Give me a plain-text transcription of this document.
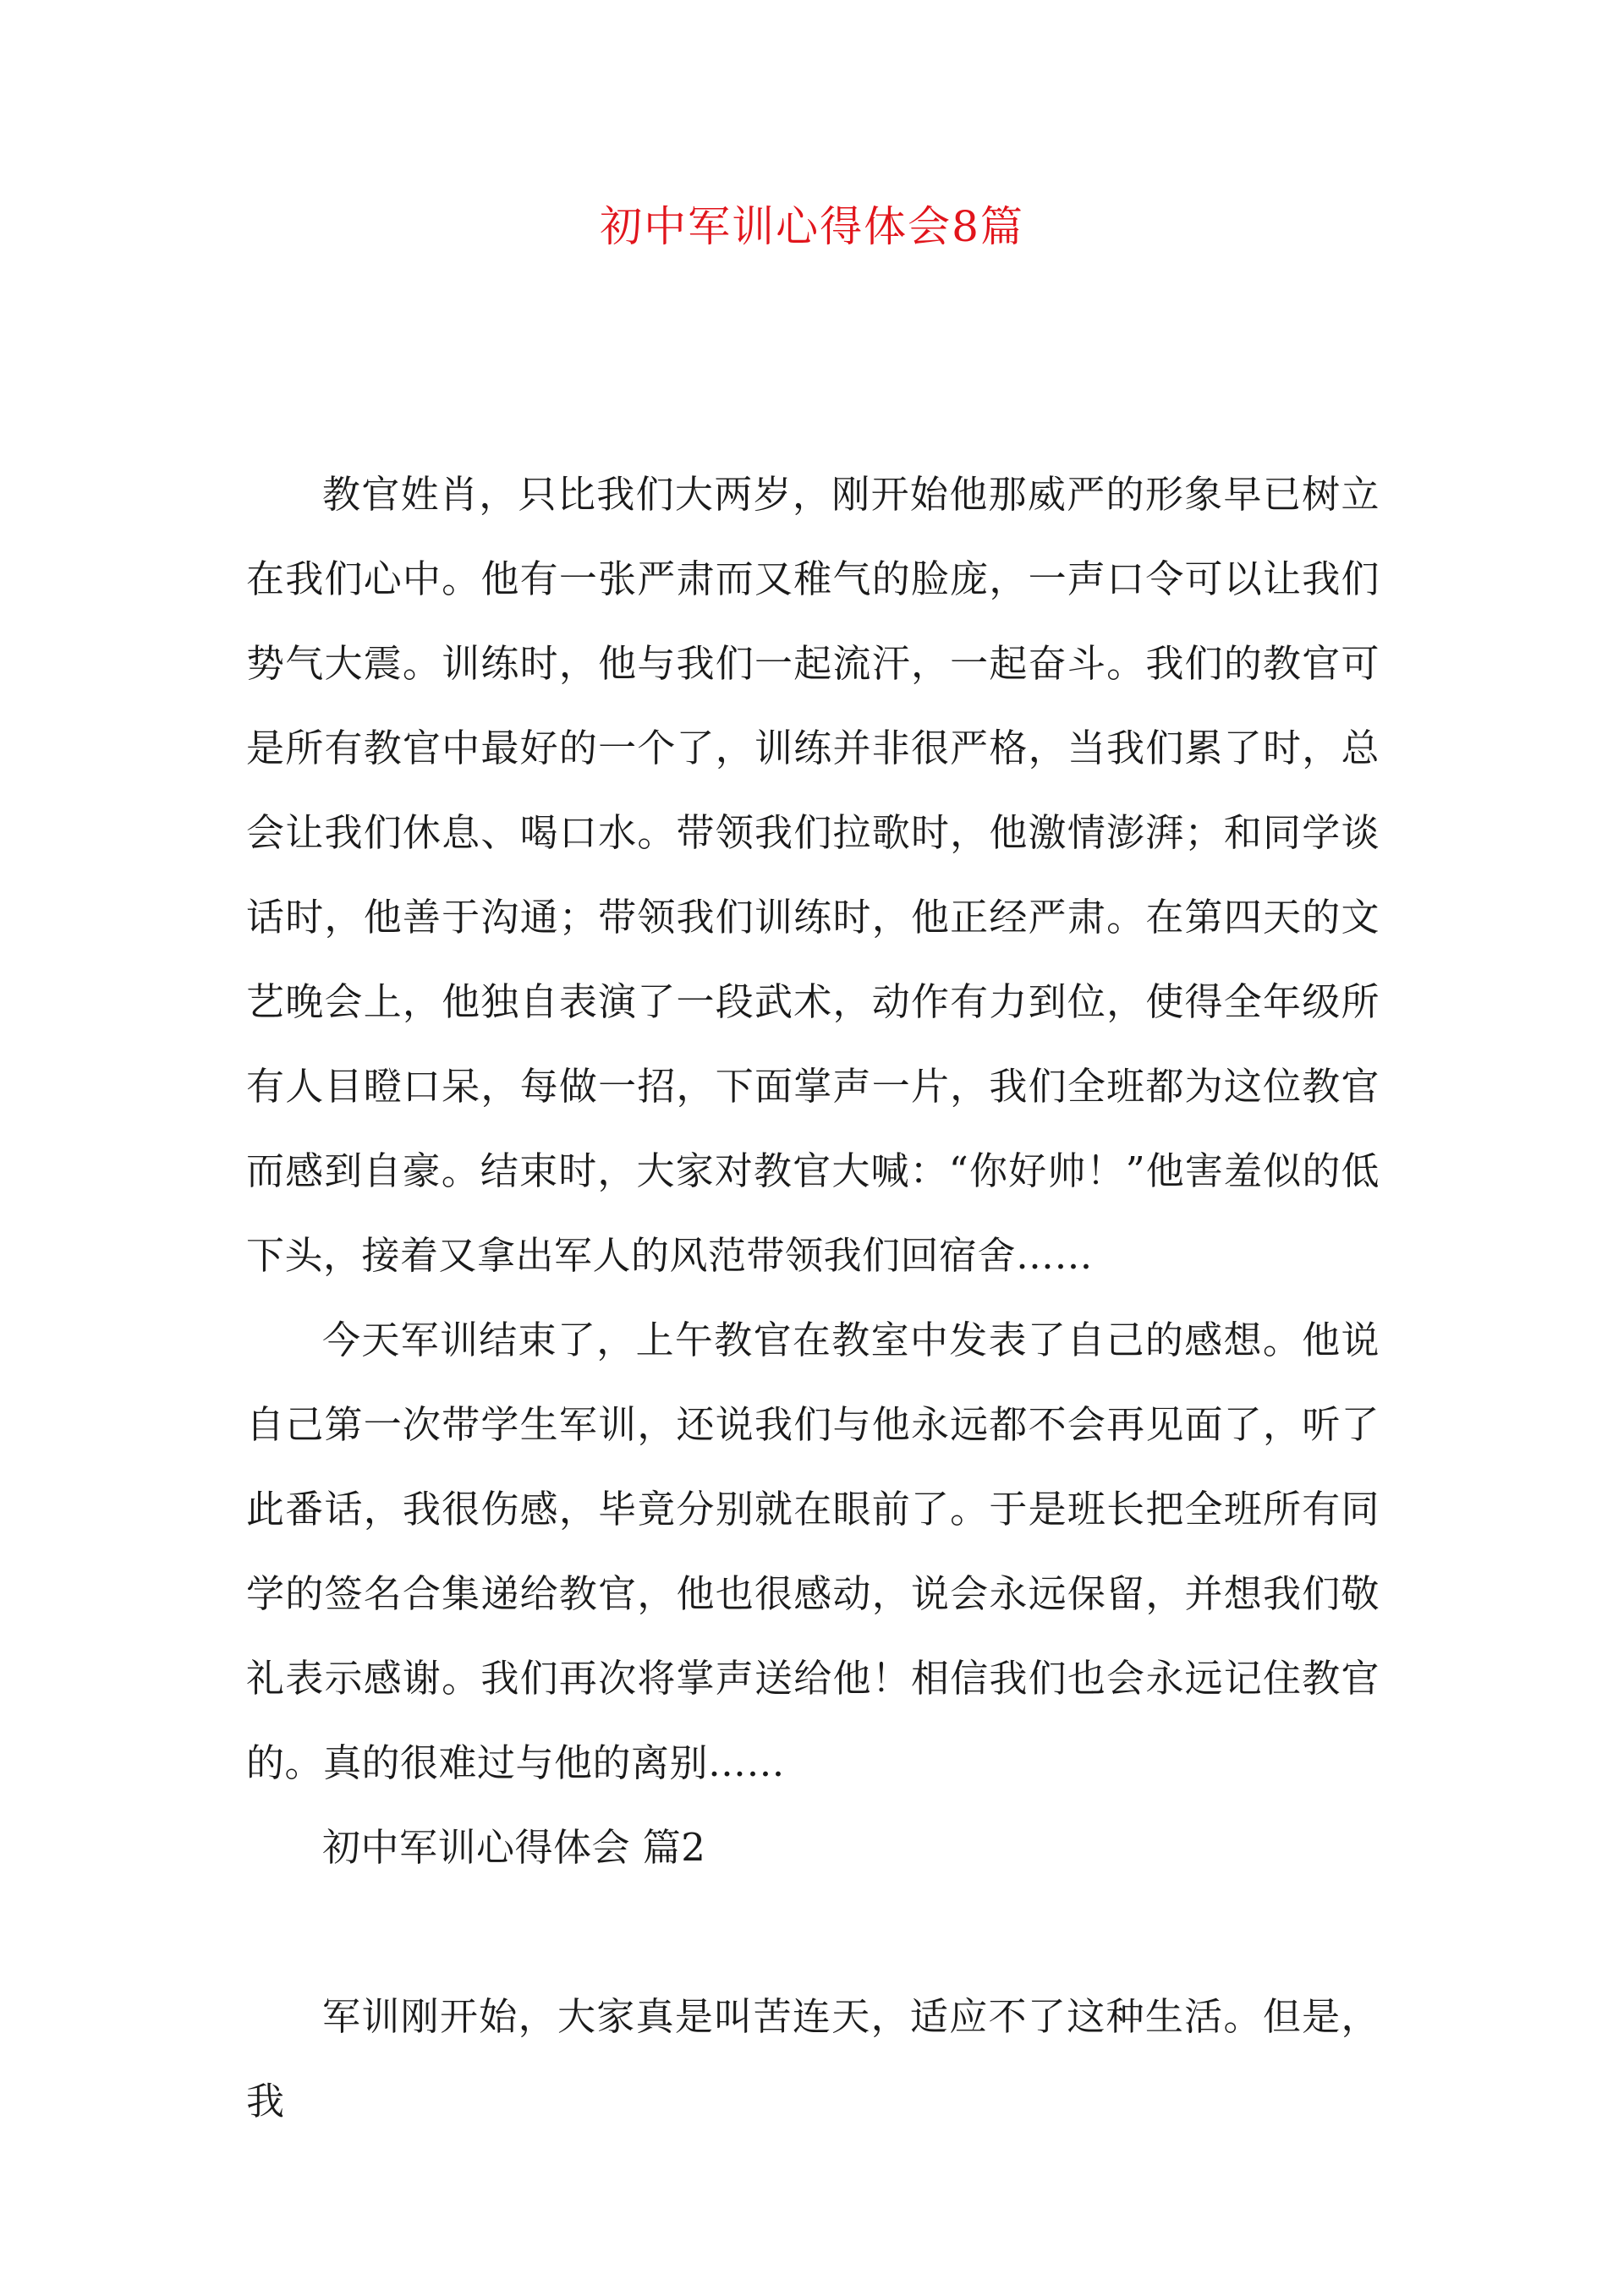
初中军训心得体会8篇

教官姓肖，只比我们大两岁，刚开始他那威严的形象早已树立在我们心中。他有一张严肃而又稚气的脸庞，一声口令可以让我们势气大震。训练时，他与我们一起流汗，一起奋斗。我们的教官可是所有教官中最好的一个了，训练并非很严格，当我们累了时，总会让我们休息、喝口水。带领我们拉歌时，他激情澎湃；和同学谈话时，他善于沟通；带领我们训练时，他正经严肃。在第四天的文艺晚会上，他独自表演了一段武术，动作有力到位，使得全年级所有人目瞪口呆，每做一招，下面掌声一片，我们全班都为这位教官而感到自豪。结束时，大家对教官大喊：“你好帅！”他害羞似的低下头，接着又拿出军人的风范带领我们回宿舍……

今天军训结束了，上午教官在教室中发表了自己的感想。他说自己第一次带学生军训，还说我们与他永远都不会再见面了，听了此番话，我很伤感，毕竟分别就在眼前了。于是班长把全班所有同学的签名合集递给教官，他也很感动，说会永远保留，并想我们敬礼表示感谢。我们再次将掌声送给他！相信我们也会永远记住教官的。真的很难过与他的离别……

初中军训心得体会 篇2

军训刚开始，大家真是叫苦连天，适应不了这种生活。但是，我
